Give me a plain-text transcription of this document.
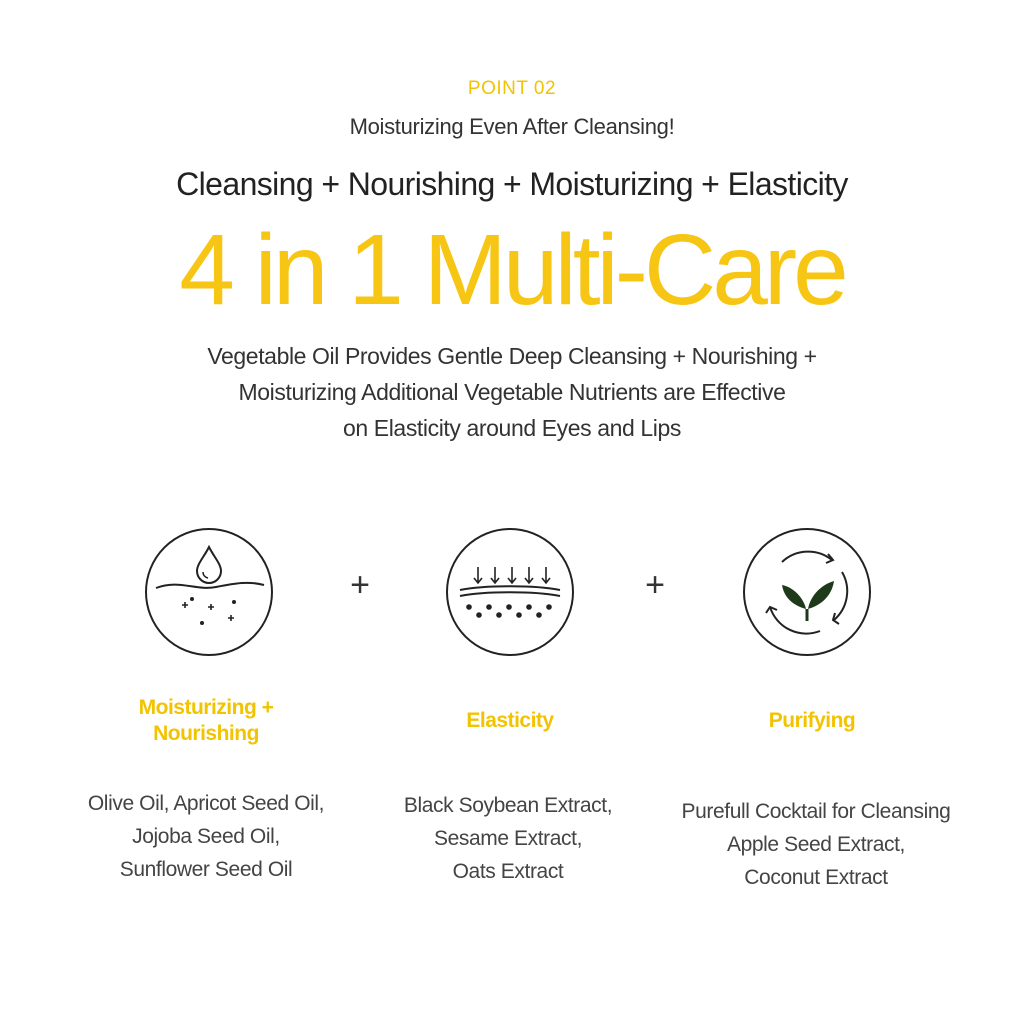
POINT 02
Moisturizing Even After Cleansing!
Cleansing + Nourishing + Moisturizing + Elasticity
4 in 1 Multi-Care
Vegetable Oil Provides Gentle Deep Cleansing + Nourishing +
Moisturizing Additional Vegetable Nutrients are Effective
on Elasticity around Eyes and Lips
+	+
Moisturizing +
Nourishing
Elasticity	Purifying
Olive Oil, Apricot Seed Oil,
Jojoba Seed Oil,
Sunflower Seed Oil
Black Soybean Extract,
Sesame Extract,
Oats Extract
Purefull Cocktail for Cleansing
Apple Seed Extract,
Coconut Extract
